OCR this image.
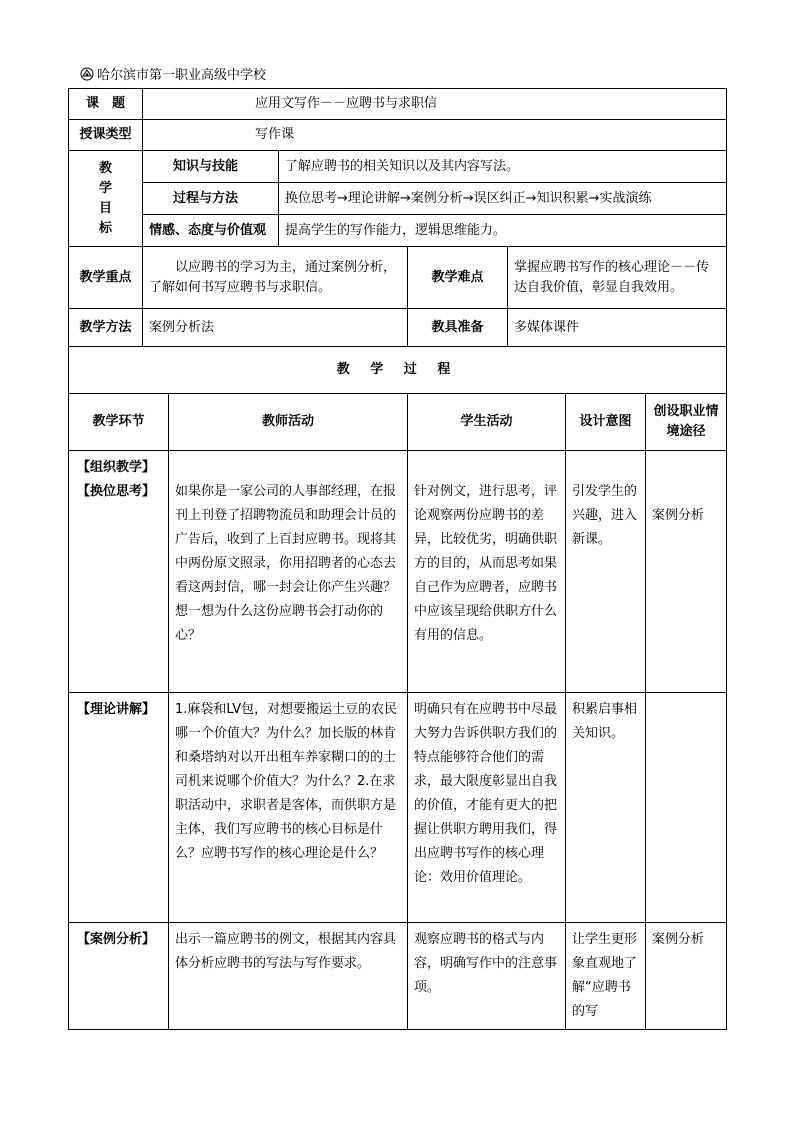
哈尔滨市第一职业高级中学校
课　题	应用文写作－－应聘书与求职信						
授课类型	写作课						

教
学
目
标	知识与技能		了解应聘书的相关知识以及其内容写法。				
	过程与方法		换位思考→理论讲解→案例分析→误区纠正→知识积累→实战演练				
	情感、态度与价值观		提高学生的写作能力，逻辑思维能力。				
教学重点	以应聘书的学习为主，通过案例分析，了解如何书写应聘书与求职信。			教学难点	掌握应聘书写作的核心理论－－传达自我价值，彰显自我效用。		
教学方法	案例分析法			教具准备	多媒体课件		
教 学 过 程							
教学环节		教师活动		学生活动		设计意图	创设职业情境途径

【组织教学】
【换位思考】		如果你是一家公司的人事部经理，在报刊上刊登了招聘物流员和助理会计员的广告后，收到了上百封应聘书。现将其中两份原文照录，你用招聘者的心态去看这两封信，哪一封会让你产生兴趣？想一想为什么这份应聘书会打动你的心？		针对例文，进行思考，评论观察两份应聘书的差异，比较优劣，明确供职方的目的，从而思考如果自己作为应聘者，应聘书中应该呈现给供职方什么有用的信息。		引发学生的兴趣，进入新课。	案例分析

【理论讲解】		1.麻袋和LV包，对想要搬运土豆的农民哪一个价值大？为什么？加长版的林肯和桑塔纳对以开出租车养家糊口的的士司机来说哪个价值大？为什么？2.在求职活动中，求职者是客体，而供职方是主体，我们写应聘书的核心目标是什么？应聘书写作的核心理论是什么？		明确只有在应聘书中尽最大努力告诉供职方我们的特点能够符合他们的需求，最大限度彰显出自我的价值，才能有更大的把握让供职方聘用我们，得出应聘书写作的核心理论：效用价值理论。		积累启事相关知识。	

【案例分析】		出示一篇应聘书的例文，根据其内容具体分析应聘书的写法与写作要求。		观察应聘书的格式与内容，明确写作中的注意事项。		让学生更形象直观地了解“应聘书的写	案例分析
